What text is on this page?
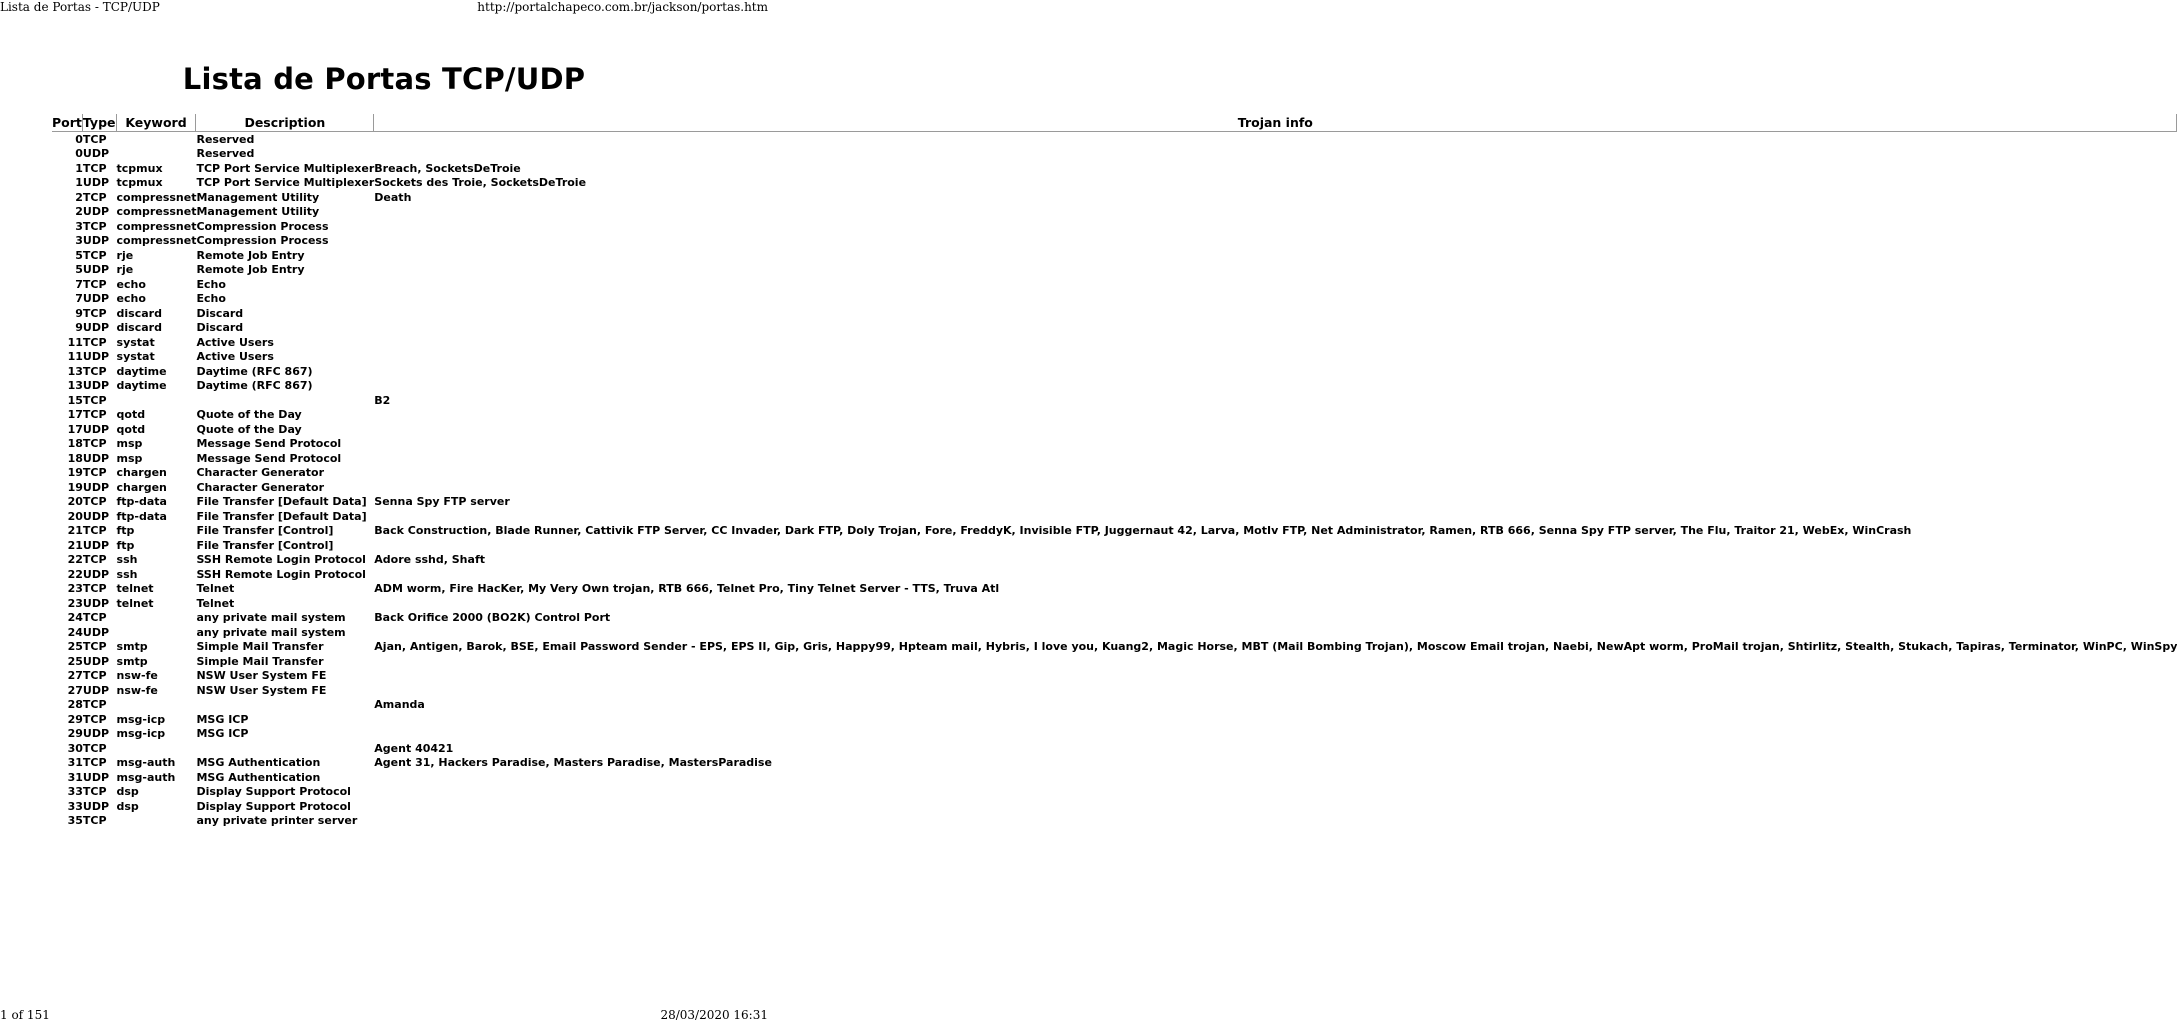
Lista de Portas - TCP/UDP	http://portalchapeco.com.br/jackson/portas.htm
Lista de Portas TCP/UDP
Port	Type	Keyword	Description	Trojan info
0	TCP		Reserved	
0	UDP		Reserved	
1	TCP	tcpmux	TCP Port Service Multiplexer	Breach, SocketsDeTroie
1	UDP	tcpmux	TCP Port Service Multiplexer	Sockets des Troie, SocketsDeTroie
2	TCP	compressnet	Management Utility	Death
2	UDP	compressnet	Management Utility	
3	TCP	compressnet	Compression Process	
3	UDP	compressnet	Compression Process	
5	TCP	rje	Remote Job Entry	
5	UDP	rje	Remote Job Entry	
7	TCP	echo	Echo	
7	UDP	echo	Echo	
9	TCP	discard	Discard	
9	UDP	discard	Discard	
11	TCP	systat	Active Users	
11	UDP	systat	Active Users	
13	TCP	daytime	Daytime (RFC 867)	
13	UDP	daytime	Daytime (RFC 867)	
15	TCP			B2
17	TCP	qotd	Quote of the Day	
17	UDP	qotd	Quote of the Day	
18	TCP	msp	Message Send Protocol	
18	UDP	msp	Message Send Protocol	
19	TCP	chargen	Character Generator	
19	UDP	chargen	Character Generator	
20	TCP	ftp-data	File Transfer [Default Data]	Senna Spy FTP server
20	UDP	ftp-data	File Transfer [Default Data]	
21	TCP	ftp	File Transfer [Control]	Back Construction, Blade Runner, Cattivik FTP Server, CC Invader, Dark FTP, Doly Trojan, Fore, FreddyK, Invisible FTP, Juggernaut 42, Larva, MotIv FTP, Net Administrator, Ramen, RTB 666, Senna Spy FTP server, The Flu, Traitor 21, WebEx, WinCrash
21	UDP	ftp	File Transfer [Control]	
22	TCP	ssh	SSH Remote Login Protocol	Adore sshd, Shaft
22	UDP	ssh	SSH Remote Login Protocol	
23	TCP	telnet	Telnet	ADM worm, Fire HacKer, My Very Own trojan, RTB 666, Telnet Pro, Tiny Telnet Server - TTS, Truva Atl
23	UDP	telnet	Telnet	
24	TCP		any private mail system	Back Orifice 2000 (BO2K) Control Port
24	UDP		any private mail system	
25	TCP	smtp	Simple Mail Transfer	Ajan, Antigen, Barok, BSE, Email Password Sender - EPS, EPS II, Gip, Gris, Happy99, Hpteam mail, Hybris, I love you, Kuang2, Magic Horse, MBT (Mail Bombing Trojan), Moscow Email trojan, Naebi, NewApt worm, ProMail trojan, Shtirlitz, Stealth, Stukach, Tapiras, Terminator, WinPC, WinSpy
25	UDP	smtp	Simple Mail Transfer	
27	TCP	nsw-fe	NSW User System FE	
27	UDP	nsw-fe	NSW User System FE	
28	TCP			Amanda
29	TCP	msg-icp	MSG ICP	
29	UDP	msg-icp	MSG ICP	
30	TCP			Agent 40421
31	TCP	msg-auth	MSG Authentication	Agent 31, Hackers Paradise, Masters Paradise, MastersParadise
31	UDP	msg-auth	MSG Authentication	
33	TCP	dsp	Display Support Protocol	
33	UDP	dsp	Display Support Protocol	
35	TCP		any private printer server	
1 of 151	28/03/2020 16:31
